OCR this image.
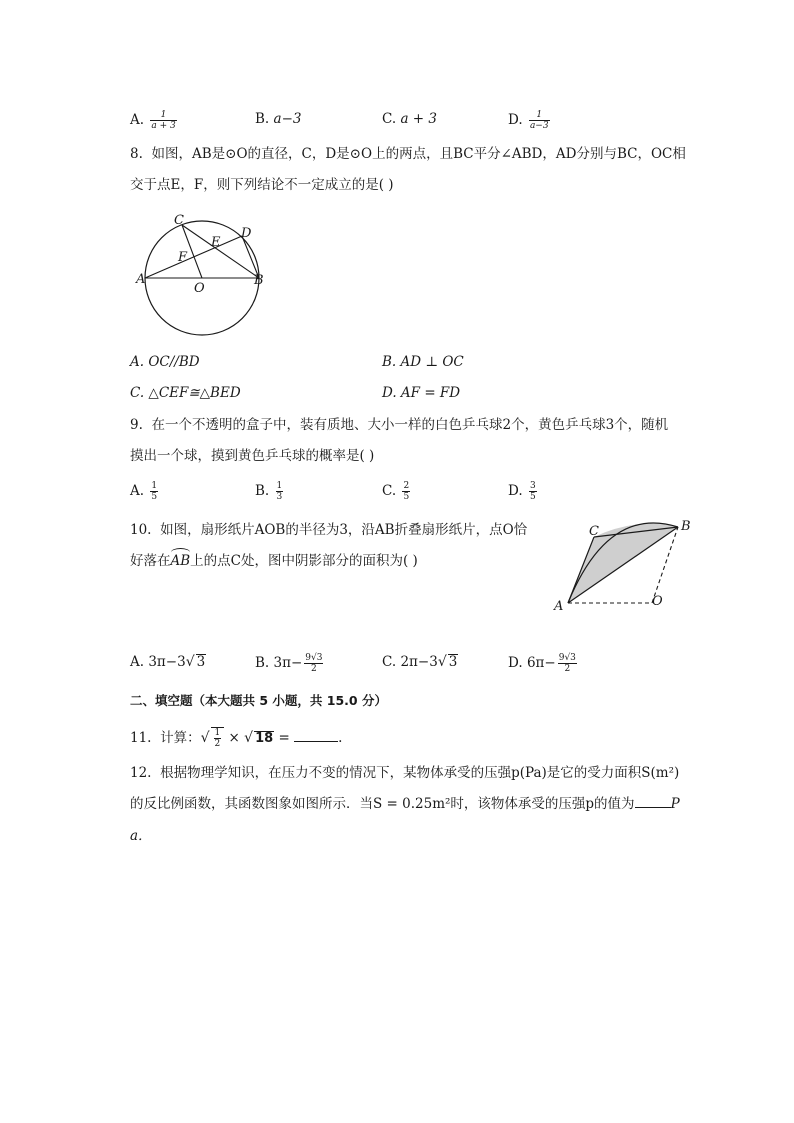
A. $\frac{1}{a + 3}$	B. a−3	C. a + 3	D. $\frac{1}{a-3}$
8. 如图，AB是⊙O的直径，C，D是⊙O上的两点，且BC平分∠ABD，AD分别与BC，OC相
交于点E，F，则下列结论不一定成立的是( )
C
D
E
F
A
O
B
A. OC//BD	B. AD ⊥ OC
C. △CEF≅△BED	D. AF = FD
9. 在一个不透明的盒子中，装有质地、大小一样的白色乒乓球2个，黄色乒乓球3个，随机
摸出一个球，摸到黄色乒乓球的概率是( )
A. $\frac{1}{5}$	B. $\frac{1}{3}$	C. $\frac{2}{5}$	D. $\frac{3}{5}$
10. 如图，扇形纸片AOB的半径为3，沿AB折叠扇形纸片，点O恰
好落在
AB上的点C处，图中阴影部分的面积为( )
C	B
A	O
A. 3π−3√ 3	B. $3\pi- \frac{9√3}{2}$	C. 2π−3√ 3	D. $6\pi- \frac{9√3}{2}$
二、填空题（本大题共 5 小题，共 15.0 分）
11. 计算：√ $\frac{1}{2}$ × √ 18 =	.
12. 根据物理学知识，在压力不变的情况下，某物体承受的压强p(Pa)是它的受力面积S(m²)
的反比例函数，其函数图象如图所示．当S = 0.25m²时，该物体承受的压强p的值为	P
a．
